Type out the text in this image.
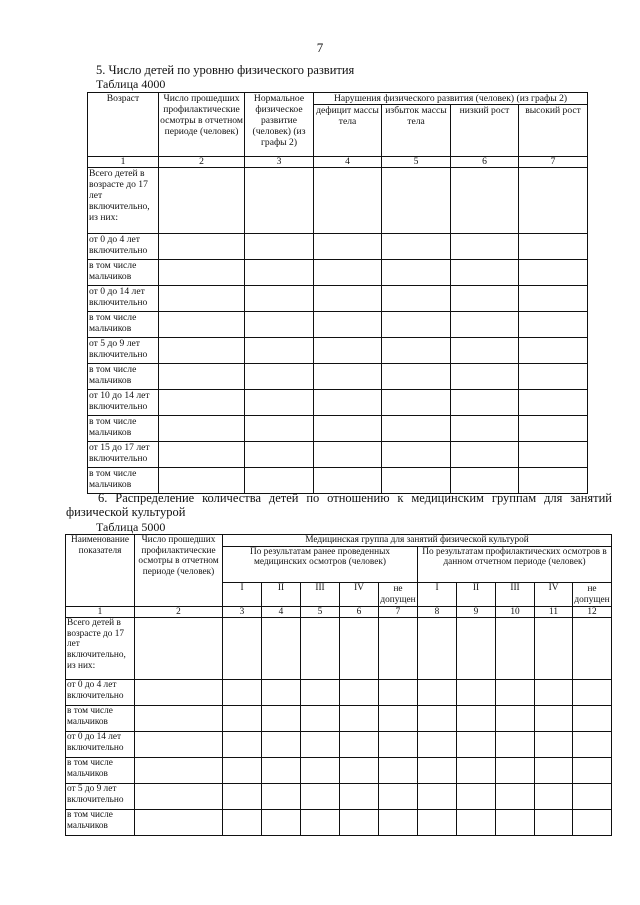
7
5. Число детей по уровню физического развития
Таблица 4000
Возраст	Число прошедших профилактические осмотры в отчетном периоде (человек)	Нормальное физическое развитие (человек) (из графы 2)	Нарушения физического развития (человек) (из графы 2)			
			дефицит массы тела	избыток массы тела	низкий рост	высокий рост
1	2	3	4	5	6	7
Всего детей в возрасте до 17 лет включительно, из них:						
от 0 до 4 лет включительно						
в том числе мальчиков						
от 0 до 14 лет включительно						
в том числе мальчиков						
от 5 до 9 лет включительно						
в том числе мальчиков						
от 10 до 14 лет включительно						
в том числе мальчиков						
от 15 до 17 лет включительно						
в том числе мальчиков						
6. Распределение количества детей по отношению к медицинским группам для занятий
физической культурой
Таблица 5000
Наименование показателя	Число прошедших профилактические осмотры в отчетном периоде (человек)	Медицинская группа для занятий физической культурой									
		По результатам ранее проведенных медицинских осмотров (человек)					По результатам профилактических осмотров в данном отчетном периоде (человек)				
		I	II	III	IV	не допущен	I	II	III	IV	не допущен
1	2	3	4	5	6	7	8	9	10	11	12
Всего детей в возрасте до 17 лет включительно, из них:											
от 0 до 4 лет включительно											
в том числе мальчиков											
от 0 до 14 лет включительно											
в том числе мальчиков											
от 5 до 9 лет включительно											
в том числе мальчиков											
